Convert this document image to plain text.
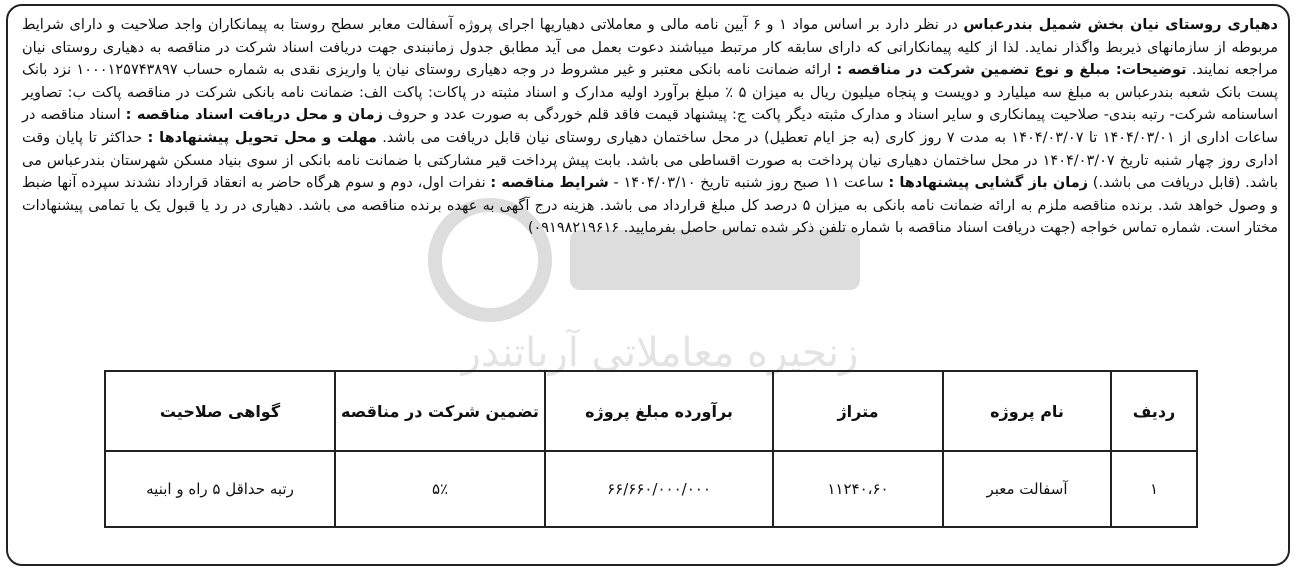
زنجیره معاملاتی آریاتندر

دهیاری روستای نیان بخش شمیل بندرعباس در نظر دارد بر اساس مواد ۱ و ۶ آیین نامه مالی و معاملاتی دهیاریها اجرای پروژه آسفالت معابر سطح روستا به پیمانکاران واجد صلاحیت و دارای شرایط مربوطه از سازمانهای ذیربط واگذار نماید. لذا از کلیه پیمانکارانی که دارای سابقه کار مرتبط میباشند دعوت بعمل می آید مطابق جدول زمانبندی جهت دریافت اسناد شرکت در مناقصه به دهیاری روستای نیان مراجعه نمایند. توضیحات: مبلغ و نوع تضمین شرکت در مناقصه : ارائه ضمانت نامه بانکی معتبر و غیر مشروط در وجه دهیاری روستای نیان یا واریزی نقدی به شماره حساب ۱۰۰۰۱۲۵۷۴۳۸۹۷ نزد بانک پست بانک شعبه بندرعباس به مبلغ سه میلیارد و دویست و پنجاه میلیون ریال به میزان ۵ ٪ مبلغ برآورد اولیه مدارک و اسناد مثبته در پاکات: پاکت الف: ضمانت نامه بانکی شرکت در مناقصه پاکت ب: تصاویر اساسنامه شرکت- رتبه بندی- صلاحیت پیمانکاری و سایر اسناد و مدارک مثبته دیگر پاکت ج: پیشنهاد قیمت فاقد قلم خوردگی به صورت عدد و حروف زمان و محل دریافت اسناد مناقصه : اسناد مناقصه در ساعات اداری از ۱۴۰۴/۰۳/۰۱ تا ۱۴۰۴/۰۳/۰۷ به مدت ۷ روز کاری (به جز ایام تعطیل) در محل ساختمان دهیاری روستای نیان قابل دریافت می باشد. مهلت و محل تحویل پیشنهادها : حداکثر تا پایان وقت اداری روز چهار شنبه تاریخ ۱۴۰۴/۰۳/۰۷ در محل ساختمان دهیاری نیان پرداخت به صورت اقساطی می باشد. بابت پیش پرداخت قیر مشارکتی با ضمانت نامه بانکی از سوی بنیاد مسکن شهرستان بندرعباس می باشد. (قابل دریافت می باشد.) زمان باز گشایی پیشنهادها : ساعت ۱۱ صبح روز شنبه تاریخ ۱۴۰۴/۰۳/۱۰ - شرایط مناقصه : نفرات اول، دوم و سوم هرگاه حاضر به انعقاد قرارداد نشدند سپرده آنها ضبط و وصول خواهد شد. برنده مناقصه ملزم به ارائه ضمانت نامه بانکی به میزان ۵ درصد کل مبلغ قرارداد می باشد. هزینه درج آگهی به عهده برنده مناقصه می باشد. دهیاری در رد یا قبول یک یا تمامی پیشنهادات مختار است. شماره تماس خواجه (جهت دریافت اسناد مناقصه با شماره تلفن ذکر شده تماس حاصل بفرمایید. ۰۹۱۹۸۲۱۹۶۱۶)

ردیف	نام پروژه	متراژ	برآورده مبلغ پروژه	تضمین شرکت در مناقصه	گواهی صلاحیت
۱	آسفالت معبر	۱۱۲۴۰،۶۰	۶۶/۶۶۰/۰۰۰/۰۰۰	۵٪	رتبه حداقل ۵ راه و ابنیه
